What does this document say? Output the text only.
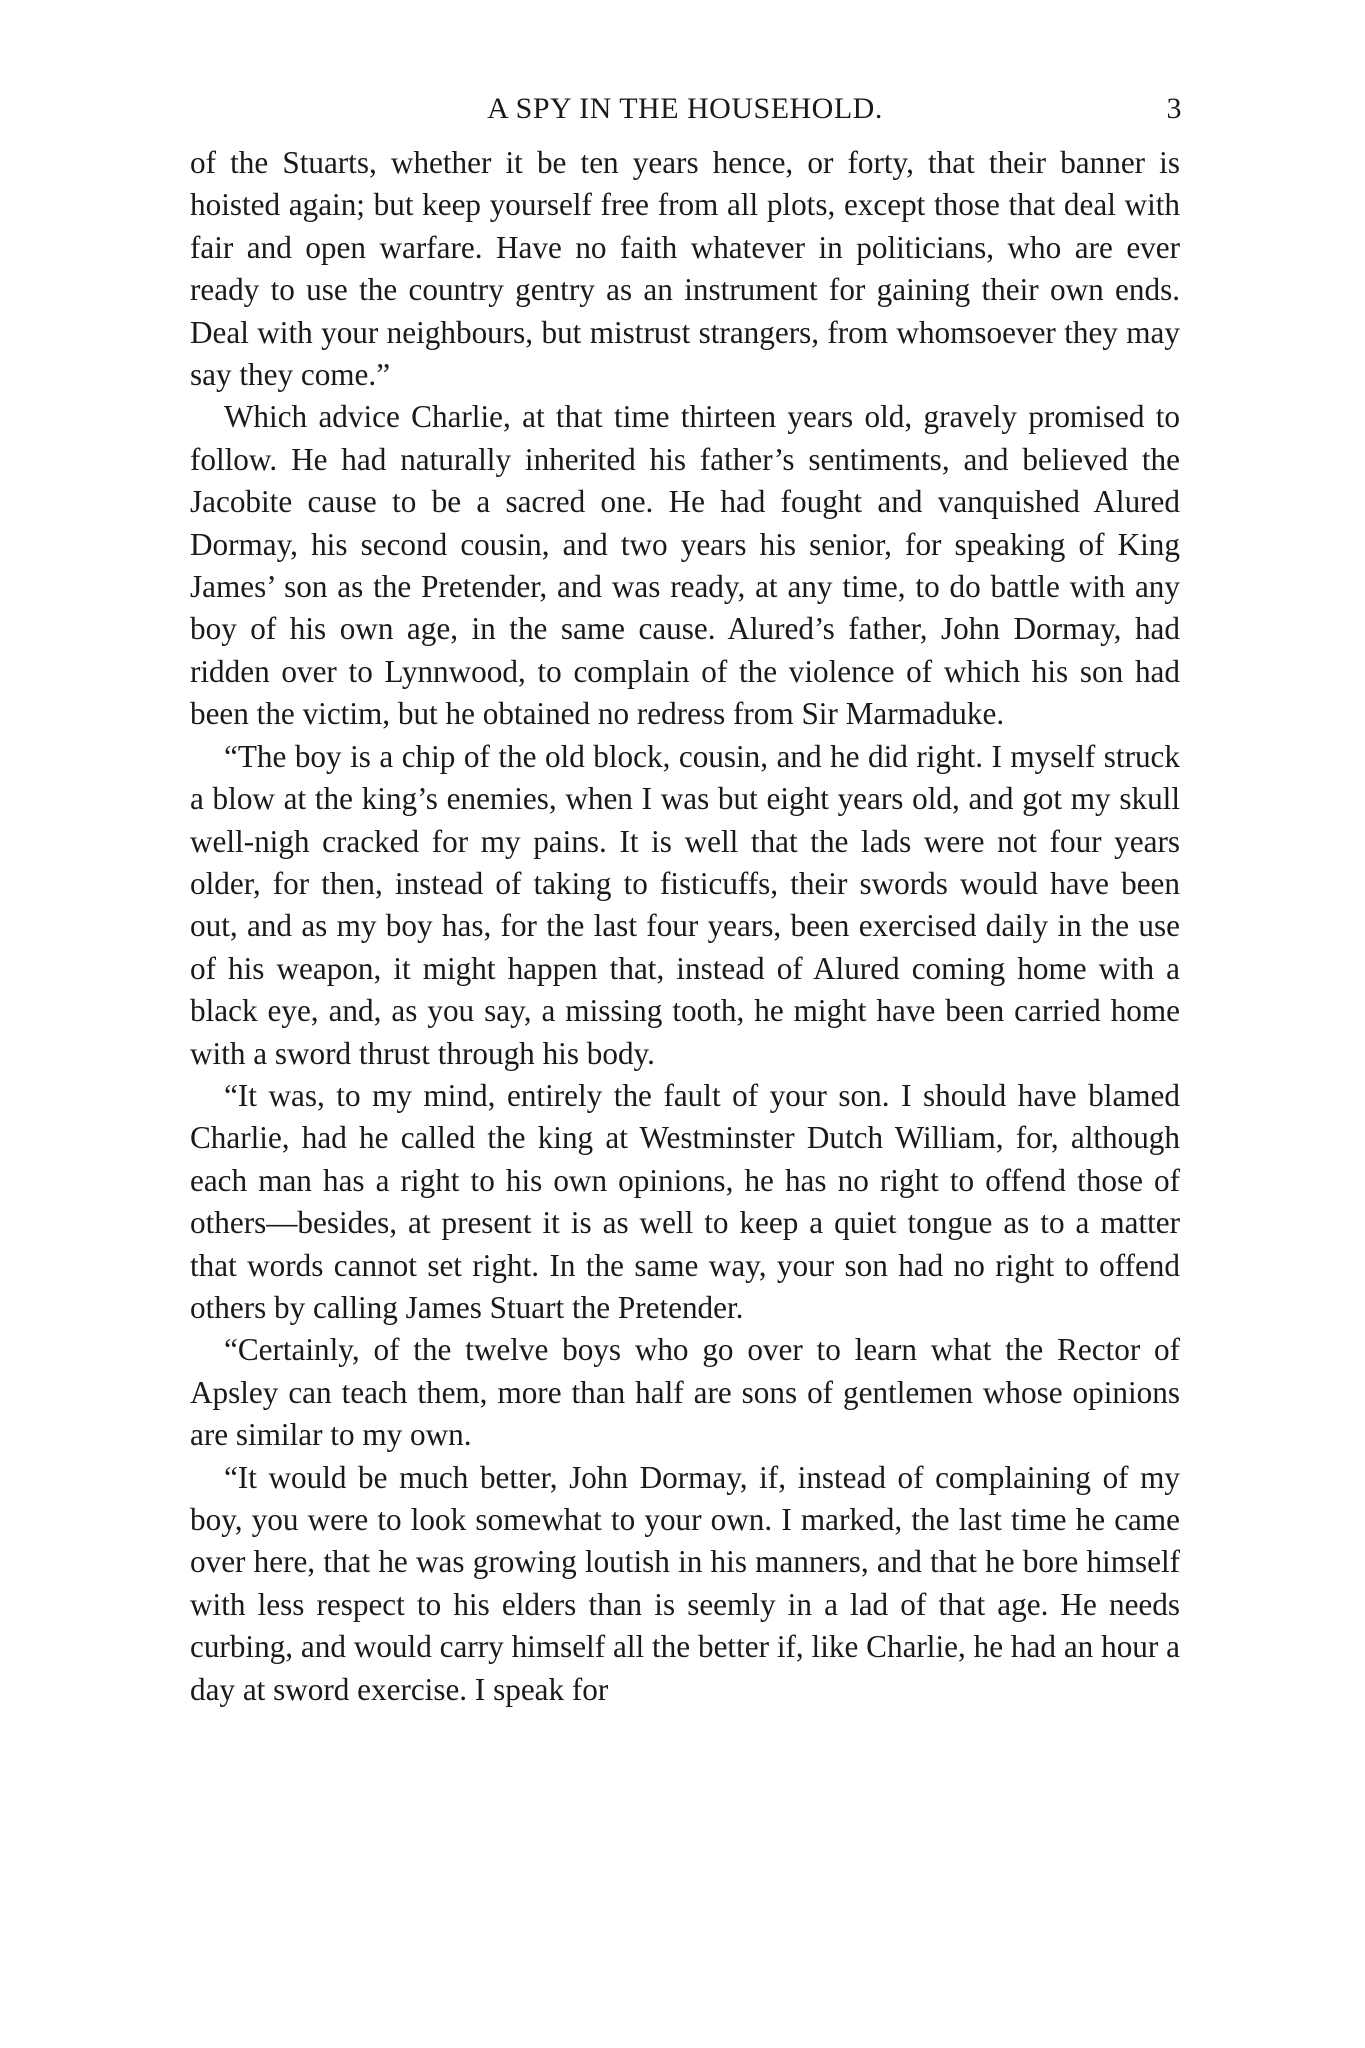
A SPY IN THE HOUSEHOLD.	3

of the Stuarts, whether it be ten years hence, or forty, that their banner is hoisted again; but keep yourself free from all plots, except those that deal with fair and open warfare. Have no faith whatever in politicians, who are ever ready to use the country gentry as an instrument for gaining their own ends. Deal with your neighbours, but mistrust strangers, from whomsoever they may say they come.”

Which advice Charlie, at that time thirteen years old, gravely promised to follow. He had naturally inherited his father’s sentiments, and believed the Jacobite cause to be a sacred one. He had fought and vanquished Alured Dormay, his second cousin, and two years his senior, for speaking of King James’ son as the Pretender, and was ready, at any time, to do battle with any boy of his own age, in the same cause. Alured’s father, John Dormay, had ridden over to Lynnwood, to complain of the violence of which his son had been the victim, but he obtained no redress from Sir Marmaduke.

“The boy is a chip of the old block, cousin, and he did right. I myself struck a blow at the king’s enemies, when I was but eight years old, and got my skull well-nigh cracked for my pains. It is well that the lads were not four years older, for then, instead of taking to fisticuffs, their swords would have been out, and as my boy has, for the last four years, been exercised daily in the use of his weapon, it might happen that, instead of Alured coming home with a black eye, and, as you say, a missing tooth, he might have been carried home with a sword thrust through his body.

“It was, to my mind, entirely the fault of your son. I should have blamed Charlie, had he called the king at Westminster Dutch William, for, although each man has a right to his own opinions, he has no right to offend those of others—besides, at present it is as well to keep a quiet tongue as to a matter that words cannot set right. In the same way, your son had no right to offend others by calling James Stuart the Pretender.

“Certainly, of the twelve boys who go over to learn what the Rector of Apsley can teach them, more than half are sons of gentlemen whose opinions are similar to my own.

“It would be much better, John Dormay, if, instead of complaining of my boy, you were to look somewhat to your own. I marked, the last time he came over here, that he was growing loutish in his manners, and that he bore himself with less respect to his elders than is seemly in a lad of that age. He needs curbing, and would carry himself all the better if, like Charlie, he had an hour a day at sword exercise. I speak for
